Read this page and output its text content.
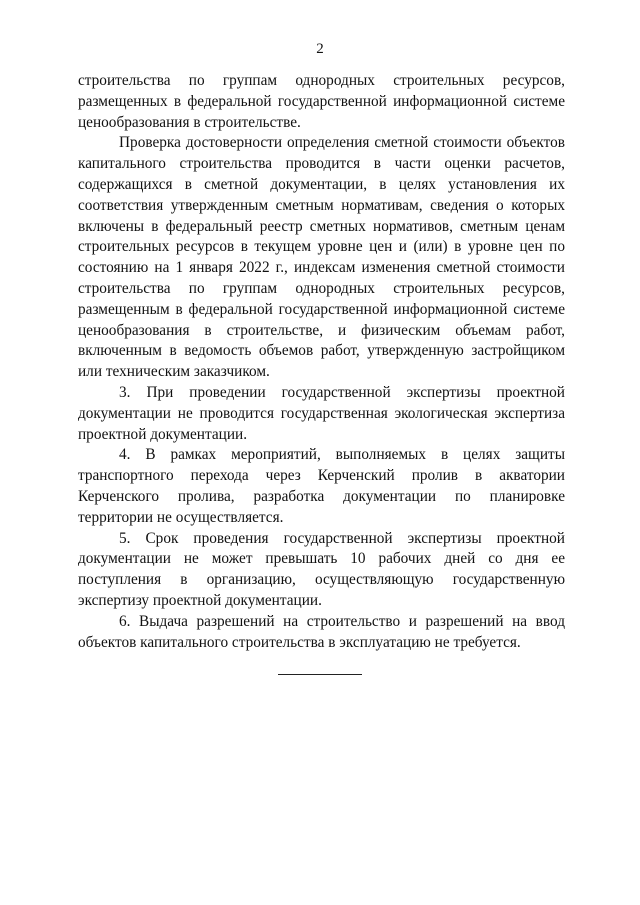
2

строительства по группам однородных строительных ресурсов, размещенных в федеральной государственной информационной системе ценообразования в строительстве.

Проверка достоверности определения сметной стоимости объектов капитального строительства проводится в части оценки расчетов, содержащихся в сметной документации, в целях установления их соответствия утвержденным сметным нормативам, сведения о которых включены в федеральный реестр сметных нормативов, сметным ценам строительных ресурсов в текущем уровне цен и (или) в уровне цен по состоянию на 1 января 2022 г., индексам изменения сметной стоимости строительства по группам однородных строительных ресурсов, размещенным в федеральной государственной информационной системе ценообразования в строительстве, и физическим объемам работ, включенным в ведомость объемов работ, утвержденную застройщиком или техническим заказчиком.

3. При проведении государственной экспертизы проектной документации не проводится государственная экологическая экспертиза проектной документации.

4. В рамках мероприятий, выполняемых в целях защиты транспортного перехода через Керченский пролив в акватории Керченского пролива, разработка документации по планировке территории не осуществляется.

5. Срок проведения государственной экспертизы проектной документации не может превышать 10 рабочих дней со дня ее поступления в организацию, осуществляющую государственную экспертизу проектной документации.

6. Выдача разрешений на строительство и разрешений на ввод объектов капитального строительства в эксплуатацию не требуется.
